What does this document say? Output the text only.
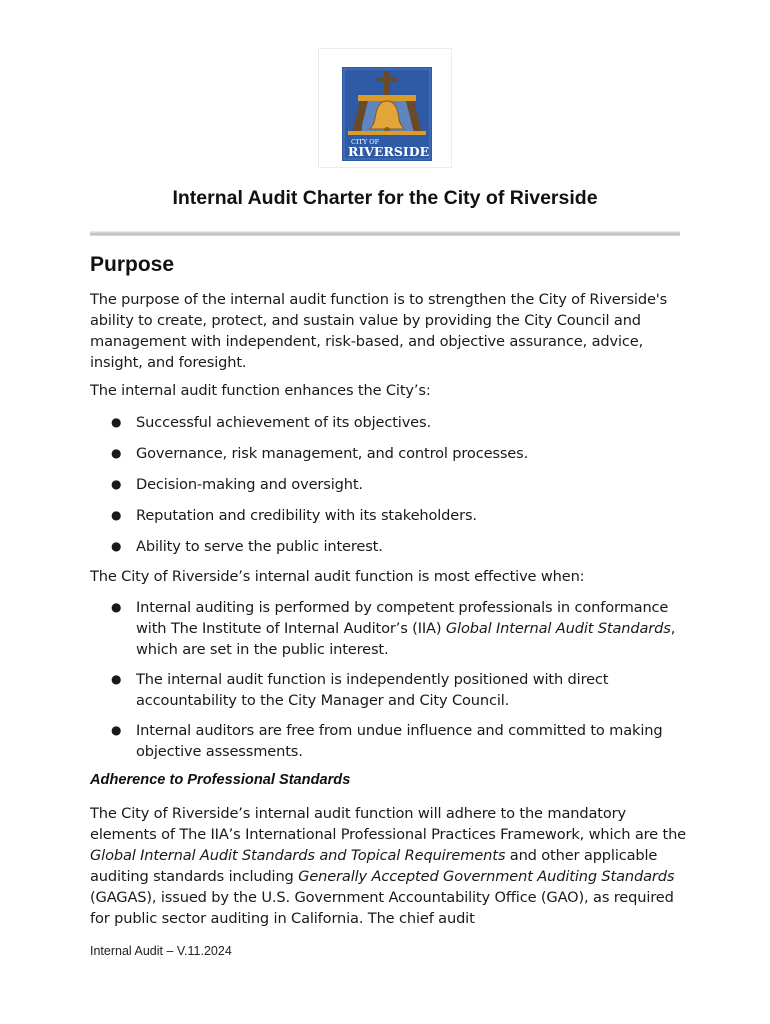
CITY OF
RIVERSIDE
Internal Audit Charter for the City of Riverside
Purpose

The purpose of the internal audit function is to strengthen the City of Riverside's ability to create, protect, and sustain value by providing the City Council and management with independent, risk-based, and objective assurance, advice, insight, and foresight.

The internal audit function enhances the City’s:

● Successful achievement of its objectives.
● Governance, risk management, and control processes.
● Decision-making and oversight.
● Reputation and credibility with its stakeholders.
● Ability to serve the public interest.

The City of Riverside’s internal audit function is most effective when:

● Internal auditing is performed by competent professionals in conformance with The Institute of Internal Auditor’s (IIA) Global Internal Audit Standards, which are set in the public interest.
● The internal audit function is independently positioned with direct accountability to the City Manager and City Council.
● Internal auditors are free from undue influence and committed to making objective assessments.
Adherence to Professional Standards

The City of Riverside’s internal audit function will adhere to the mandatory elements of The IIA’s International Professional Practices Framework, which are the Global Internal Audit Standards and Topical Requirements and other applicable auditing standards including Generally Accepted Government Auditing Standards (GAGAS), issued by the U.S. Government Accountability Office (GAO), as required for public sector auditing in California. The chief audit

Internal Audit – V.11.2024
